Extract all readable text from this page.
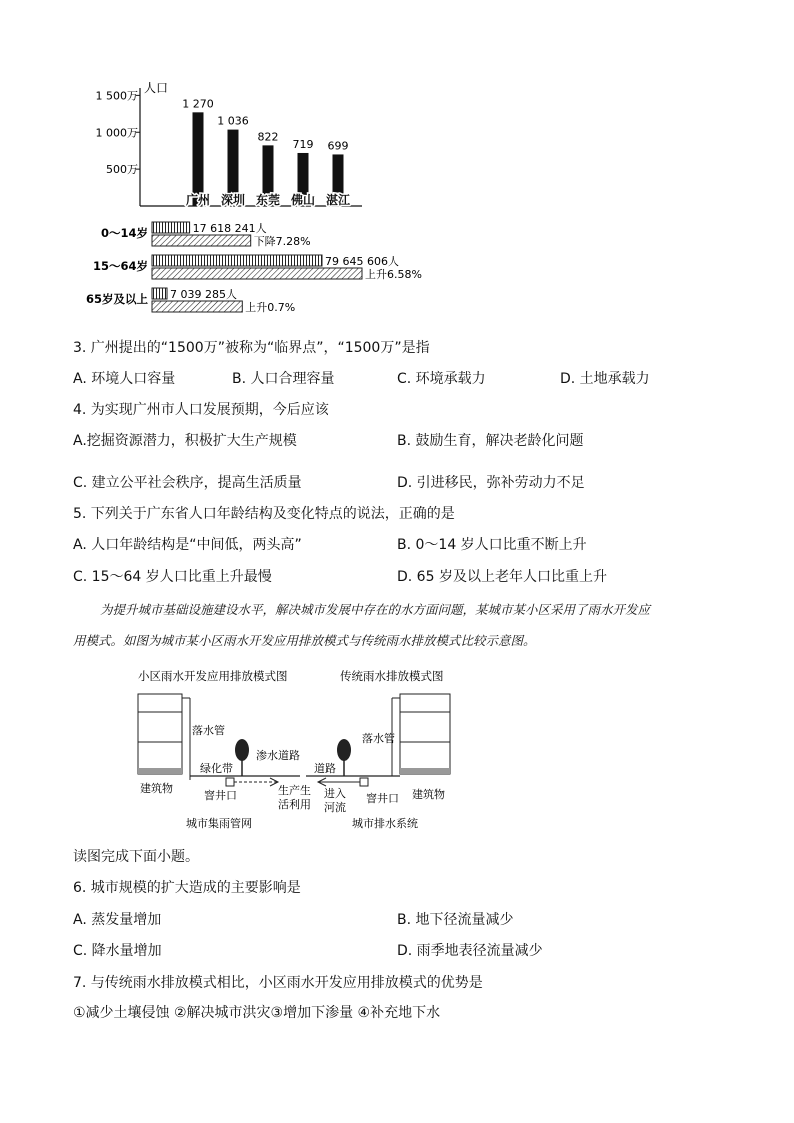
人口
1 500万
1 000万
500万
1 270
广州
1 036
深圳
822
东莞
719
佛山
699
湛江
0～14岁	17 618 241人
下降7.28%
15～64岁	79 645 606人
上升6.58%
65岁及以上 7 039 285人
上升0.7%
3. 广州提出的“1500万”被称为“临界点”，“1500万”是指
A. 环境人口容量	B. 人口合理容量	C. 环境承载力	D. 土地承载力
4. 为实现广州市人口发展预期，今后应该
A.挖掘资源潜力，积极扩大生产规模	B. 鼓励生育，解决老龄化问题
C. 建立公平社会秩序，提高生活质量	D. 引进移民，弥补劳动力不足
5. 下列关于广东省人口年龄结构及变化特点的说法，正确的是
A. 人口年龄结构是“中间低，两头高”	B. 0～14 岁人口比重不断上升
C. 15～64 岁人口比重上升最慢	D. 65 岁及以上老年人口比重上升
为提升城市基础设施建设水平，解决城市发展中存在的水方面问题，某城市某小区采用了雨水开发应
用模式。如图为城市某小区雨水开发应用排放模式与传统雨水排放模式比较示意图。
小区雨水开发应用排放模式图	传统雨水排放模式图
落水管
绿化带
渗水道路
建筑物
窨井口	生产生
活利用
城市集雨管网
落水管
道路
进入
河流
窨井口 建筑物
城市排水系统
读图完成下面小题。
6. 城市规模的扩大造成的主要影响是
A. 蒸发量增加	B. 地下径流量减少
C. 降水量增加	D. 雨季地表径流量减少
7. 与传统雨水排放模式相比，小区雨水开发应用排放模式的优势是
①减少土壤侵蚀 ②解决城市洪灾③增加下渗量 ④补充地下水
